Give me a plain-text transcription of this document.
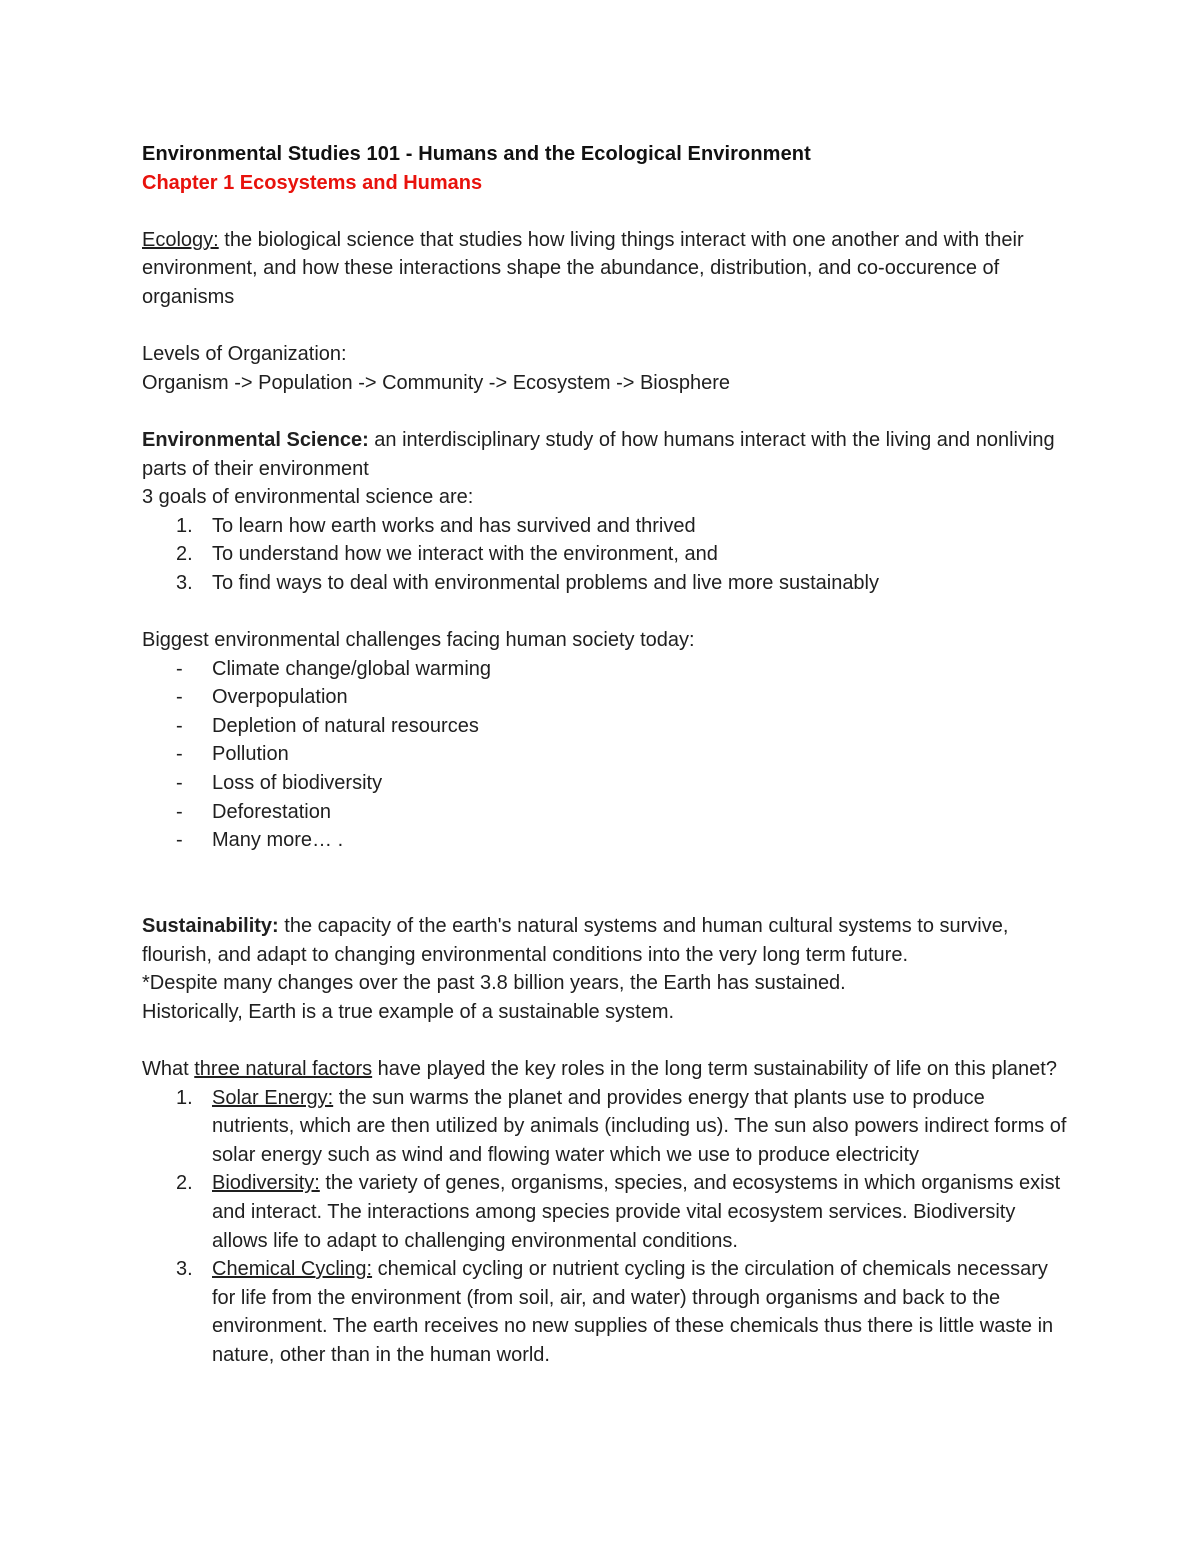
Environmental Studies 101 - Humans and the Ecological Environment

Chapter 1 Ecosystems and Humans

Ecology: the biological science that studies how living things interact with one another and with their environment, and how these interactions shape the abundance, distribution, and co-occurence of organisms

Levels of Organization:

Organism -> Population -> Community -> Ecosystem -> Biosphere

Environmental Science: an interdisciplinary study of how humans interact with the living and nonliving parts of their environment

3 goals of environmental science are:

1. To learn how earth works and has survived and thrived
2. To understand how we interact with the environment, and
3. To find ways to deal with environmental problems and live more sustainably

Biggest environmental challenges facing human society today:

- Climate change/global warming
- Overpopulation
- Depletion of natural resources
- Pollution
- Loss of biodiversity
- Deforestation
- Many more… .

Sustainability: the capacity of the earth's natural systems and human cultural systems to survive, flourish, and adapt to changing environmental conditions into the very long term future.

*Despite many changes over the past 3.8 billion years, the Earth has sustained.

Historically, Earth is a true example of a sustainable system.

What three natural factors have played the key roles in the long term sustainability of life on this planet?

1. Solar Energy: the sun warms the planet and provides energy that plants use to produce nutrients, which are then utilized by animals (including us). The sun also powers indirect forms of solar energy such as wind and flowing water which we use to produce electricity
2. Biodiversity: the variety of genes, organisms, species, and ecosystems in which organisms exist and interact. The interactions among species provide vital ecosystem services. Biodiversity allows life to adapt to challenging environmental conditions.
3. Chemical Cycling: chemical cycling or nutrient cycling is the circulation of chemicals necessary for life from the environment (from soil, air, and water) through organisms and back to the environment. The earth receives no new supplies of these chemicals thus there is little waste in nature, other than in the human world.
